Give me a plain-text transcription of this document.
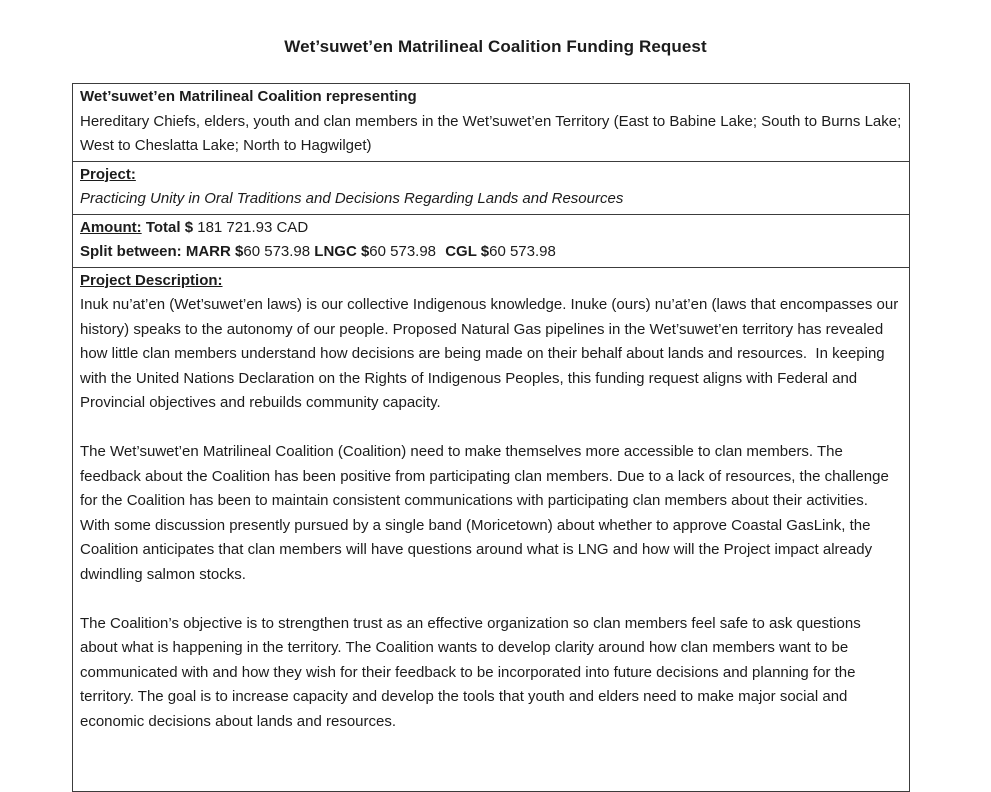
Wet’suwet’en Matrilineal Coalition Funding Request
Wet’suwet’en Matrilineal Coalition representing
Hereditary Chiefs, elders, youth and clan members in the Wet’suwet’en Territory (East to Babine Lake; South to Burns Lake; West to Cheslatta Lake; North to Hagwilget)
Project:
Practicing Unity in Oral Traditions and Decisions Regarding Lands and Resources
Amount: Total $ 181 721.93 CAD
Split between: MARR $60 573.98 LNGC $60 573.98 CGL $60 573.98
Project Description:

Inuk nu’at’en (Wet’suwet’en laws) is our collective Indigenous knowledge. Inuke (ours) nu’at’en (laws that encompasses our history) speaks to the autonomy of our people. Proposed Natural Gas pipelines in the Wet’suwet’en territory has revealed how little clan members understand how decisions are being made on their behalf about lands and resources.  In keeping with the United Nations Declaration on the Rights of Indigenous Peoples, this funding request aligns with Federal and Provincial objectives and rebuilds community capacity.

The Wet’suwet’en Matrilineal Coalition (Coalition) need to make themselves more accessible to clan members. The feedback about the Coalition has been positive from participating clan members. Due to a lack of resources, the challenge for the Coalition has been to maintain consistent communications with participating clan members about their activities.  With some discussion presently pursued by a single band (Moricetown) about whether to approve Coastal GasLink, the Coalition anticipates that clan members will have questions around what is LNG and how will the Project impact already dwindling salmon stocks.

The Coalition’s objective is to strengthen trust as an effective organization so clan members feel safe to ask questions about what is happening in the territory. The Coalition wants to develop clarity around how clan members want to be communicated with and how they wish for their feedback to be incorporated into future decisions and planning for the territory. The goal is to increase capacity and develop the tools that youth and elders need to make major social and economic decisions about lands and resources.
